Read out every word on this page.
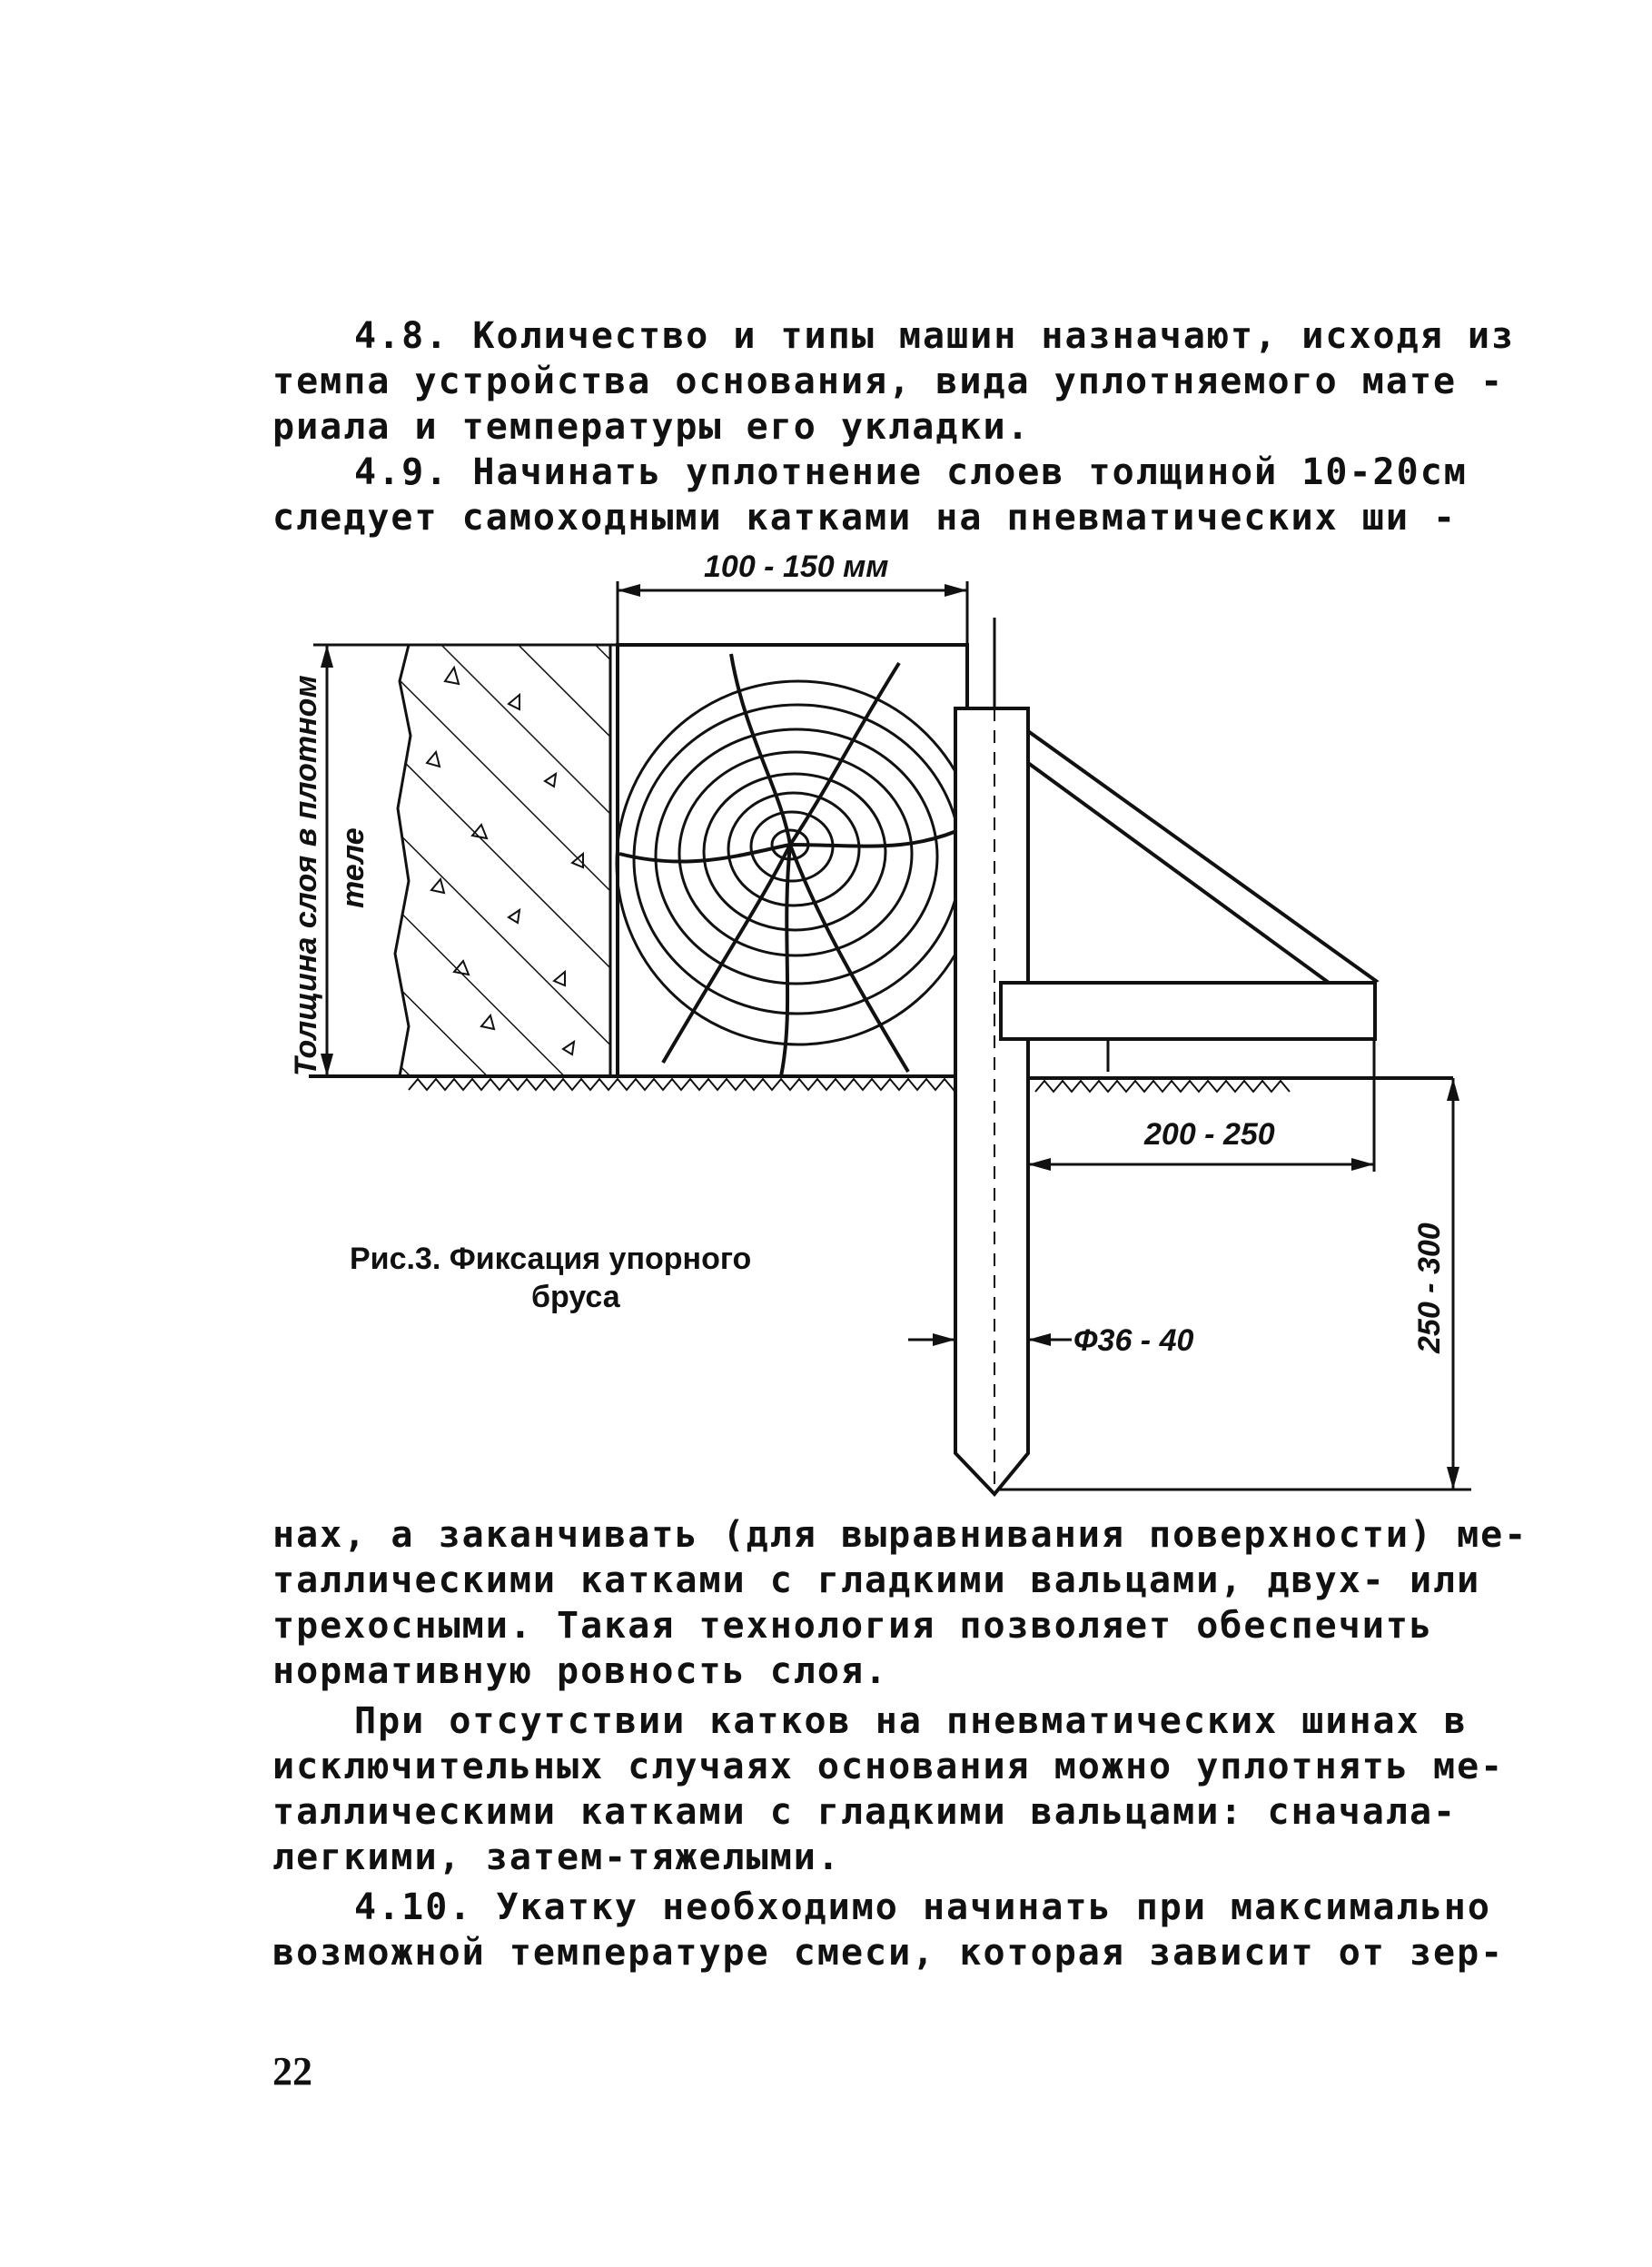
4.8. Количество и типы машин назначают, исходя из
темпа устройства основания, вида уплотняемого мате -
риала и температуры его укладки.
4.9. Начинать уплотнение слоев толщиной 10-20см
следует самоходными катками на пневматических ши -
100 - 150 мм
Толщина слоя в плотном теле
200 - 250
250 - 300
Ф36 - 40
Рис.3. Фиксация упорного
бруса
нах, а заканчивать (для выравнивания поверхности) ме-
таллическими катками с гладкими вальцами, двух- или
трехосными. Такая технология позволяет обеспечить
нормативную ровность слоя.
При отсутствии катков на пневматических шинах в
исключительных случаях основания можно уплотнять ме-
таллическими катками с гладкими вальцами: сначала-
легкими, затем-тяжелыми.
4.10. Укатку необходимо начинать при максимально
возможной температуре смеси, которая зависит от зер-
22
